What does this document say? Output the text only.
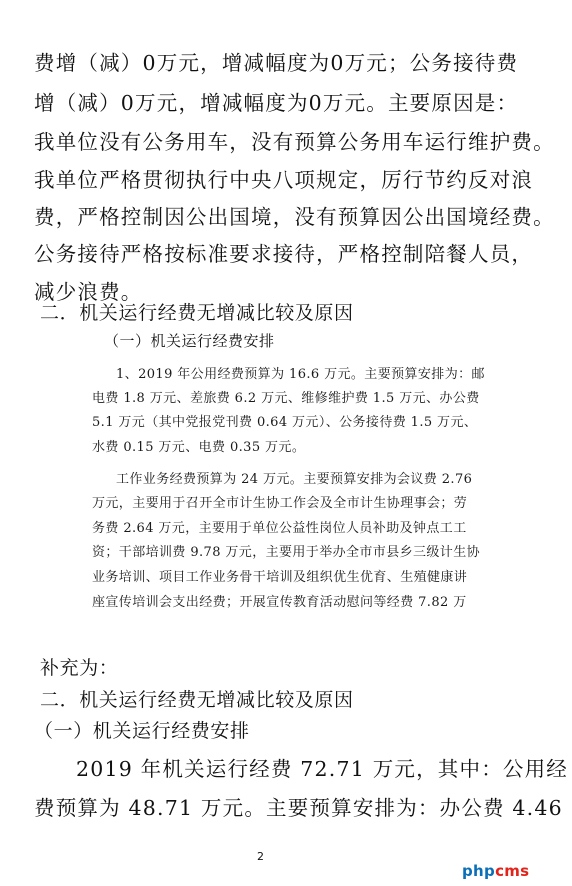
费增（减）0万元，增减幅度为0万元；公务接待费
增（减）0万元，增减幅度为0万元。主要原因是：
我单位没有公务用车，没有预算公务用车运行维护费。
我单位严格贯彻执行中央八项规定，厉行节约反对浪
费，严格控制因公出国境，没有预算因公出国境经费。
公务接待严格按标准要求接待，严格控制陪餐人员，
减少浪费。
二．机关运行经费无增减比较及原因
（一）机关运行经费安排
1、2019 年公用经费预算为 16.6 万元。主要预算安排为：邮
电费 1.8 万元、差旅费 6.2 万元、维修维护费 1.5 万元、办公费
5.1 万元（其中党报党刊费 0.64 万元）、公务接待费 1.5 万元、
水费 0.15 万元、电费 0.35 万元。
工作业务经费预算为 24 万元。主要预算安排为会议费 2.76
万元，主要用于召开全市计生协工作会及全市计生协理事会；劳
务费 2.64 万元，主要用于单位公益性岗位人员补助及钟点工工
资；干部培训费 9.78 万元，主要用于举办全市市县乡三级计生协
业务培训、项目工作业务骨干培训及组织优生优育、生殖健康讲
座宣传培训会支出经费；开展宣传教育活动慰问等经费 7.82 万
补充为：
二．机关运行经费无增减比较及原因
（一）机关运行经费安排
2019 年机关运行经费 72.71 万元，其中：公用经
费预算为 48.71 万元。主要预算安排为：办公费 4.46
2
phpcms
